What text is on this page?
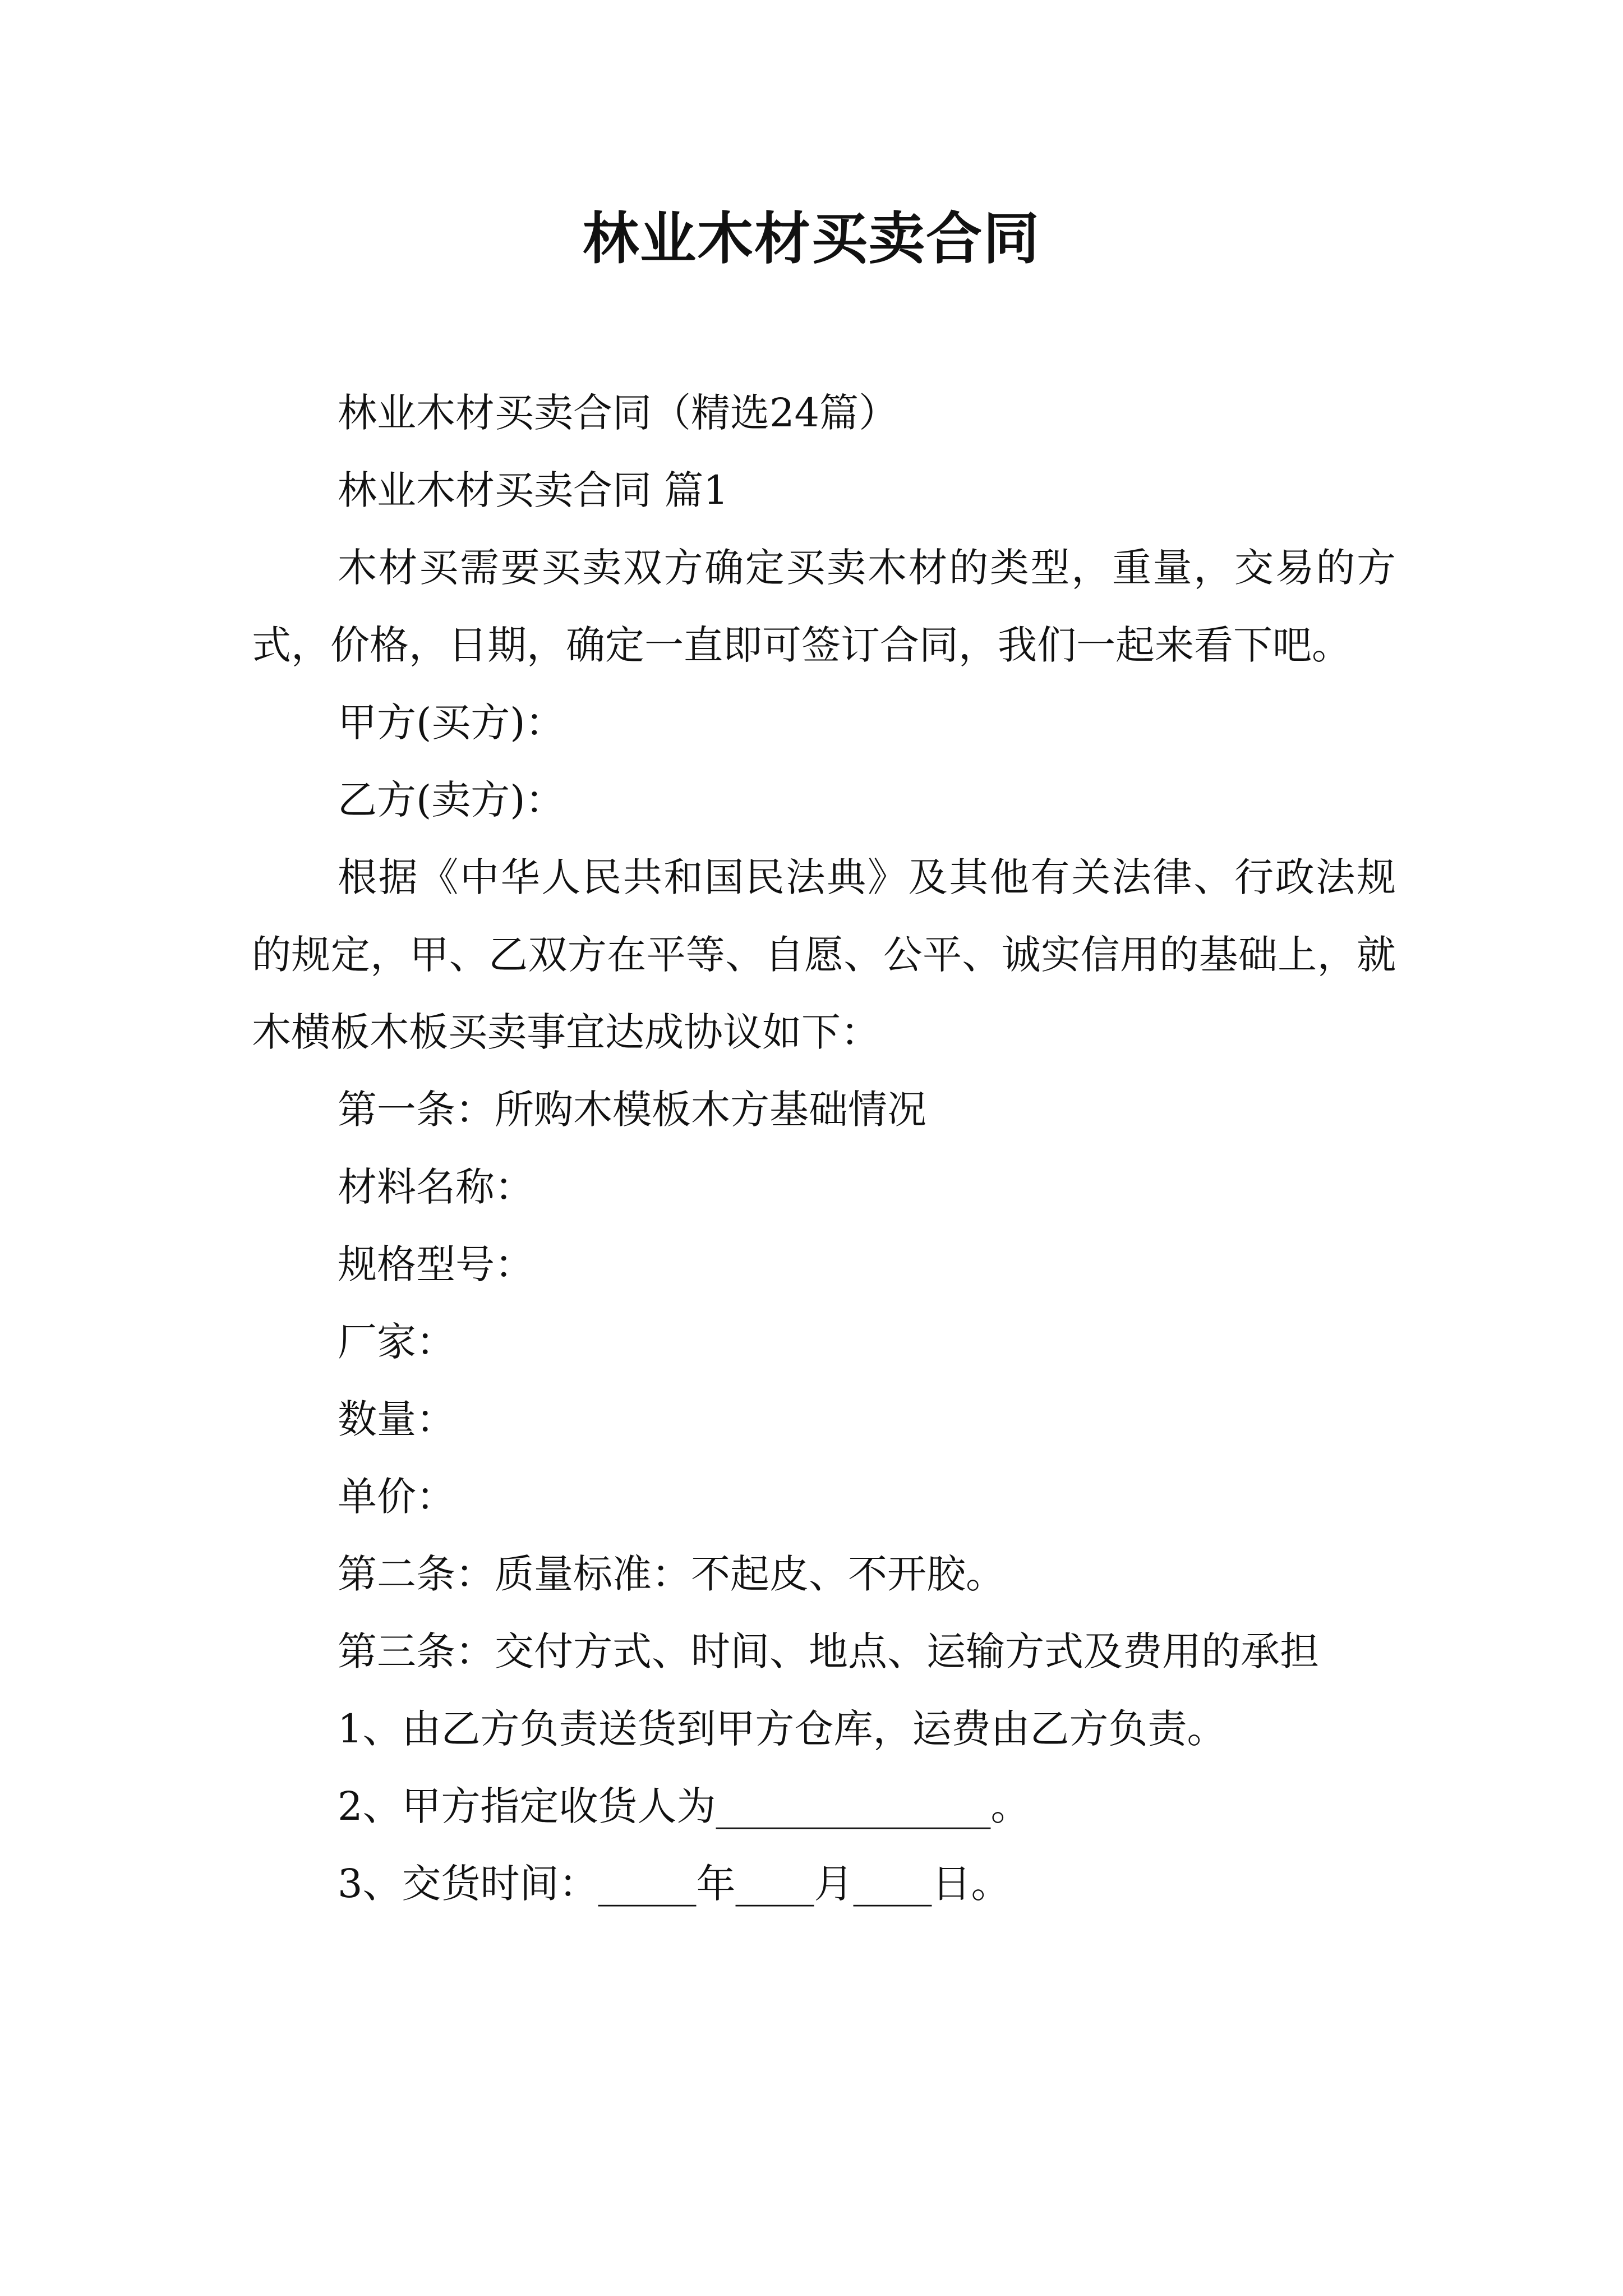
林业木材买卖合同

林业木材买卖合同（精选24篇）

林业木材买卖合同 篇1

木材买需要买卖双方确定买卖木材的类型，重量，交易的方式，价格，日期，确定一直即可签订合同，我们一起来看下吧。

甲方(买方)：

乙方(卖方)：

根据《中华人民共和国民法典》及其他有关法律、行政法规的规定，甲、乙双方在平等、自愿、公平、诚实信用的基础上，就木横板木板买卖事宜达成协议如下：

第一条：所购木模板木方基础情况

材料名称：

规格型号：

厂家：

数量：

单价：

第二条：质量标准：不起皮、不开胶。

第三条：交付方式、时间、地点、运输方式及费用的承担

1、由乙方负责送货到甲方仓库，运费由乙方负责。

2、甲方指定收货人为______________。

3、交货时间：_____年____月____日。
